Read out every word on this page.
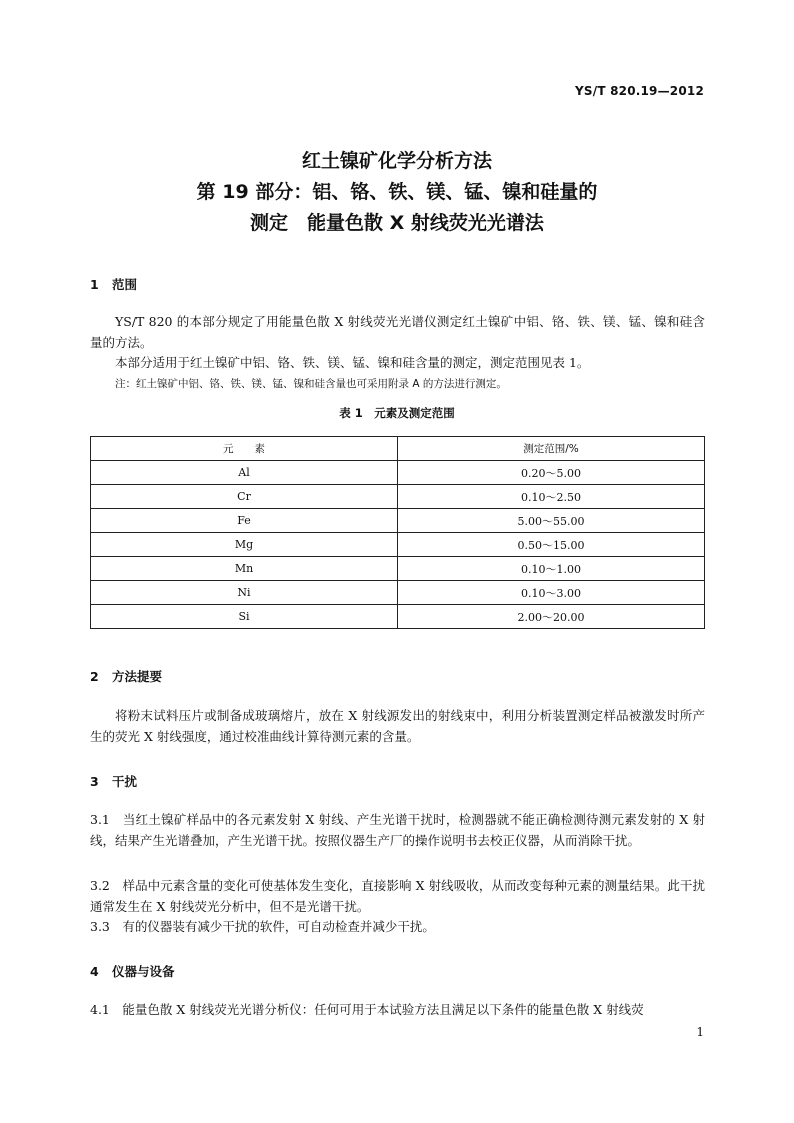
YS/T 820.19—2012
红土镍矿化学分析方法
第 19 部分：铝、铬、铁、镁、锰、镍和硅量的
测定　能量色散 X 射线荧光光谱法
1 范围
YS/T 820 的本部分规定了用能量色散 X 射线荧光光谱仪测定红土镍矿中铝、铬、铁、镁、锰、镍和硅含量的方法。
本部分适用于红土镍矿中铝、铬、铁、镁、锰、镍和硅含量的测定，测定范围见表 1。
注：红土镍矿中铝、铬、铁、镁、锰、镍和硅含量也可采用附录 A 的方法进行测定。
表 1　元素及测定范围
元　　素	测定范围/%
Al	0.20～5.00
Cr	0.10～2.50
Fe	5.00～55.00
Mg	0.50～15.00
Mn	0.10～1.00
Ni	0.10～3.00
Si	2.00～20.00
2 方法提要
将粉末试料压片或制备成玻璃熔片，放在 X 射线源发出的射线束中，利用分析装置测定样品被激发时所产生的荧光 X 射线强度，通过校准曲线计算待测元素的含量。
3 干扰
3.1　 当红土镍矿样品中的各元素发射 X 射线、产生光谱干扰时，检测器就不能正确检测待测元素发射的 X 射线，结果产生光谱叠加，产生光谱干扰。按照仪器生产厂的操作说明书去校正仪器，从而消除干扰。
3.2　 样品中元素含量的变化可使基体发生变化，直接影响 X 射线吸收，从而改变每种元素的测量结果。此干扰通常发生在 X 射线荧光分析中，但不是光谱干扰。
3.3　 有的仪器装有减少干扰的软件，可自动检查并减少干扰。
4 仪器与设备
4.1　 能量色散 X 射线荧光光谱分析仪：任何可用于本试验方法且满足以下条件的能量色散 X 射线荧
1
